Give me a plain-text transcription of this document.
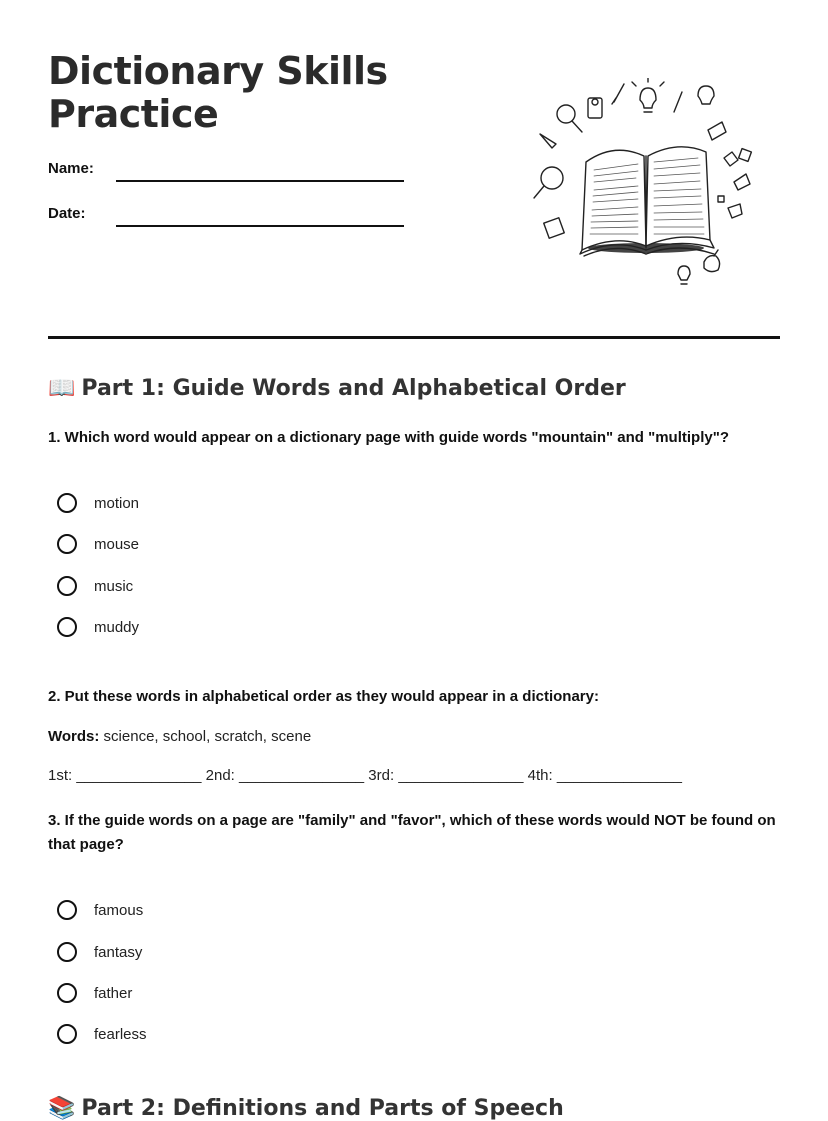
Dictionary Skills
Practice
Name:
Date:
📖 Part 1: Guide Words and Alphabetical Order

1. Which word would appear on a dictionary page with guide words "mountain" and "multiply"?

motion
mouse
music
muddy

2. Put these words in alphabetical order as they would appear in a dictionary:

Words: science, school, scratch, scene
1st: _______________ 2nd: _______________ 3rd: _______________ 4th: _______________

3. If the guide words on a page are "family" and "favor", which of these words would NOT be found on that page?

famous
fantasy
father
fearless
📚 Part 2: Definitions and Parts of Speech
